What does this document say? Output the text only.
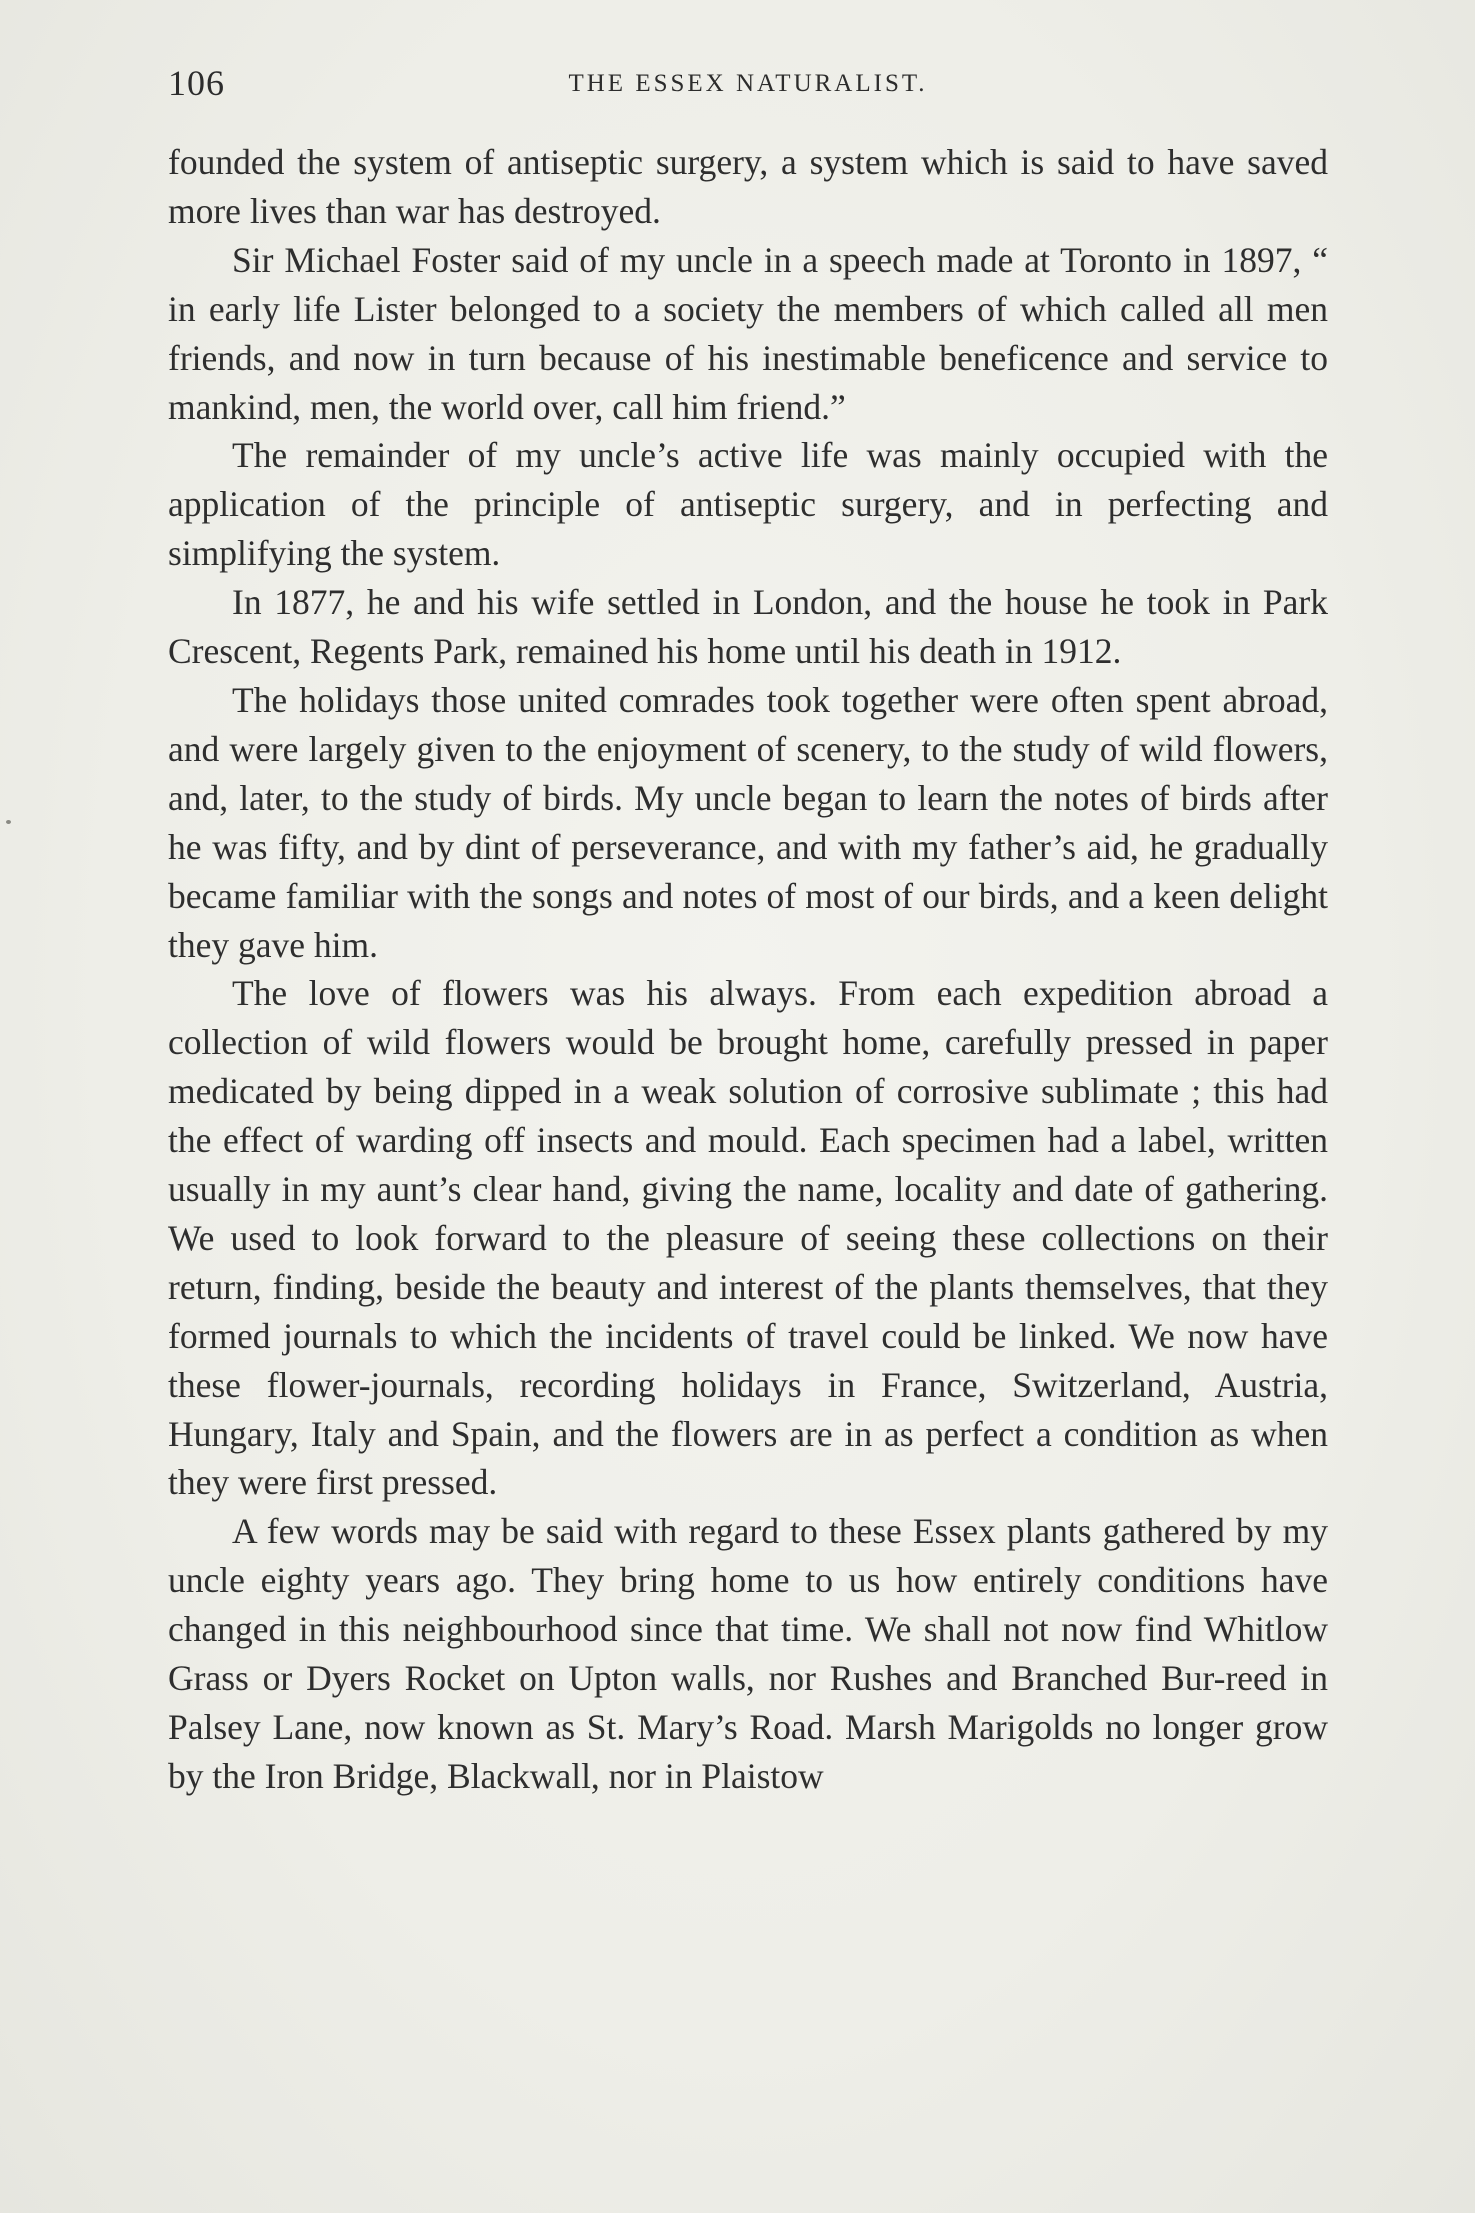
106	THE ESSEX NATURALIST.

founded the system of antiseptic surgery, a system which is said to have saved more lives than war has destroyed.

Sir Michael Foster said of my uncle in a speech made at Toronto in 1897, “ in early life Lister belonged to a society the members of which called all men friends, and now in turn because of his inestimable beneficence and service to mankind, men, the world over, call him friend.”

The remainder of my uncle’s active life was mainly occupied with the application of the principle of antiseptic surgery, and in perfecting and simplifying the system.

In 1877, he and his wife settled in London, and the house he took in Park Crescent, Regents Park, remained his home until his death in 1912.

The holidays those united comrades took together were often spent abroad, and were largely given to the enjoyment of scenery, to the study of wild flowers, and, later, to the study of birds. My uncle began to learn the notes of birds after he was fifty, and by dint of perseverance, and with my father’s aid, he gradually became familiar with the songs and notes of most of our birds, and a keen delight they gave him.

The love of flowers was his always. From each expedition abroad a collection of wild flowers would be brought home, carefully pressed in paper medicated by being dipped in a weak solution of corrosive sublimate ; this had the effect of warding off insects and mould. Each specimen had a label, written usually in my aunt’s clear hand, giving the name, locality and date of gathering. We used to look forward to the pleasure of seeing these collections on their return, finding, beside the beauty and interest of the plants themselves, that they formed journals to which the incidents of travel could be linked. We now have these flower-journals, recording holidays in France, Switzerland, Austria, Hungary, Italy and Spain, and the flowers are in as perfect a condition as when they were first pressed.

A few words may be said with regard to these Essex plants gathered by my uncle eighty years ago. They bring home to us how entirely conditions have changed in this neighbourhood since that time. We shall not now find Whitlow Grass or Dyers Rocket on Upton walls, nor Rushes and Branched Bur-reed in Palsey Lane, now known as St. Mary’s Road. Marsh Marigolds no longer grow by the Iron Bridge, Blackwall, nor in Plaistow
